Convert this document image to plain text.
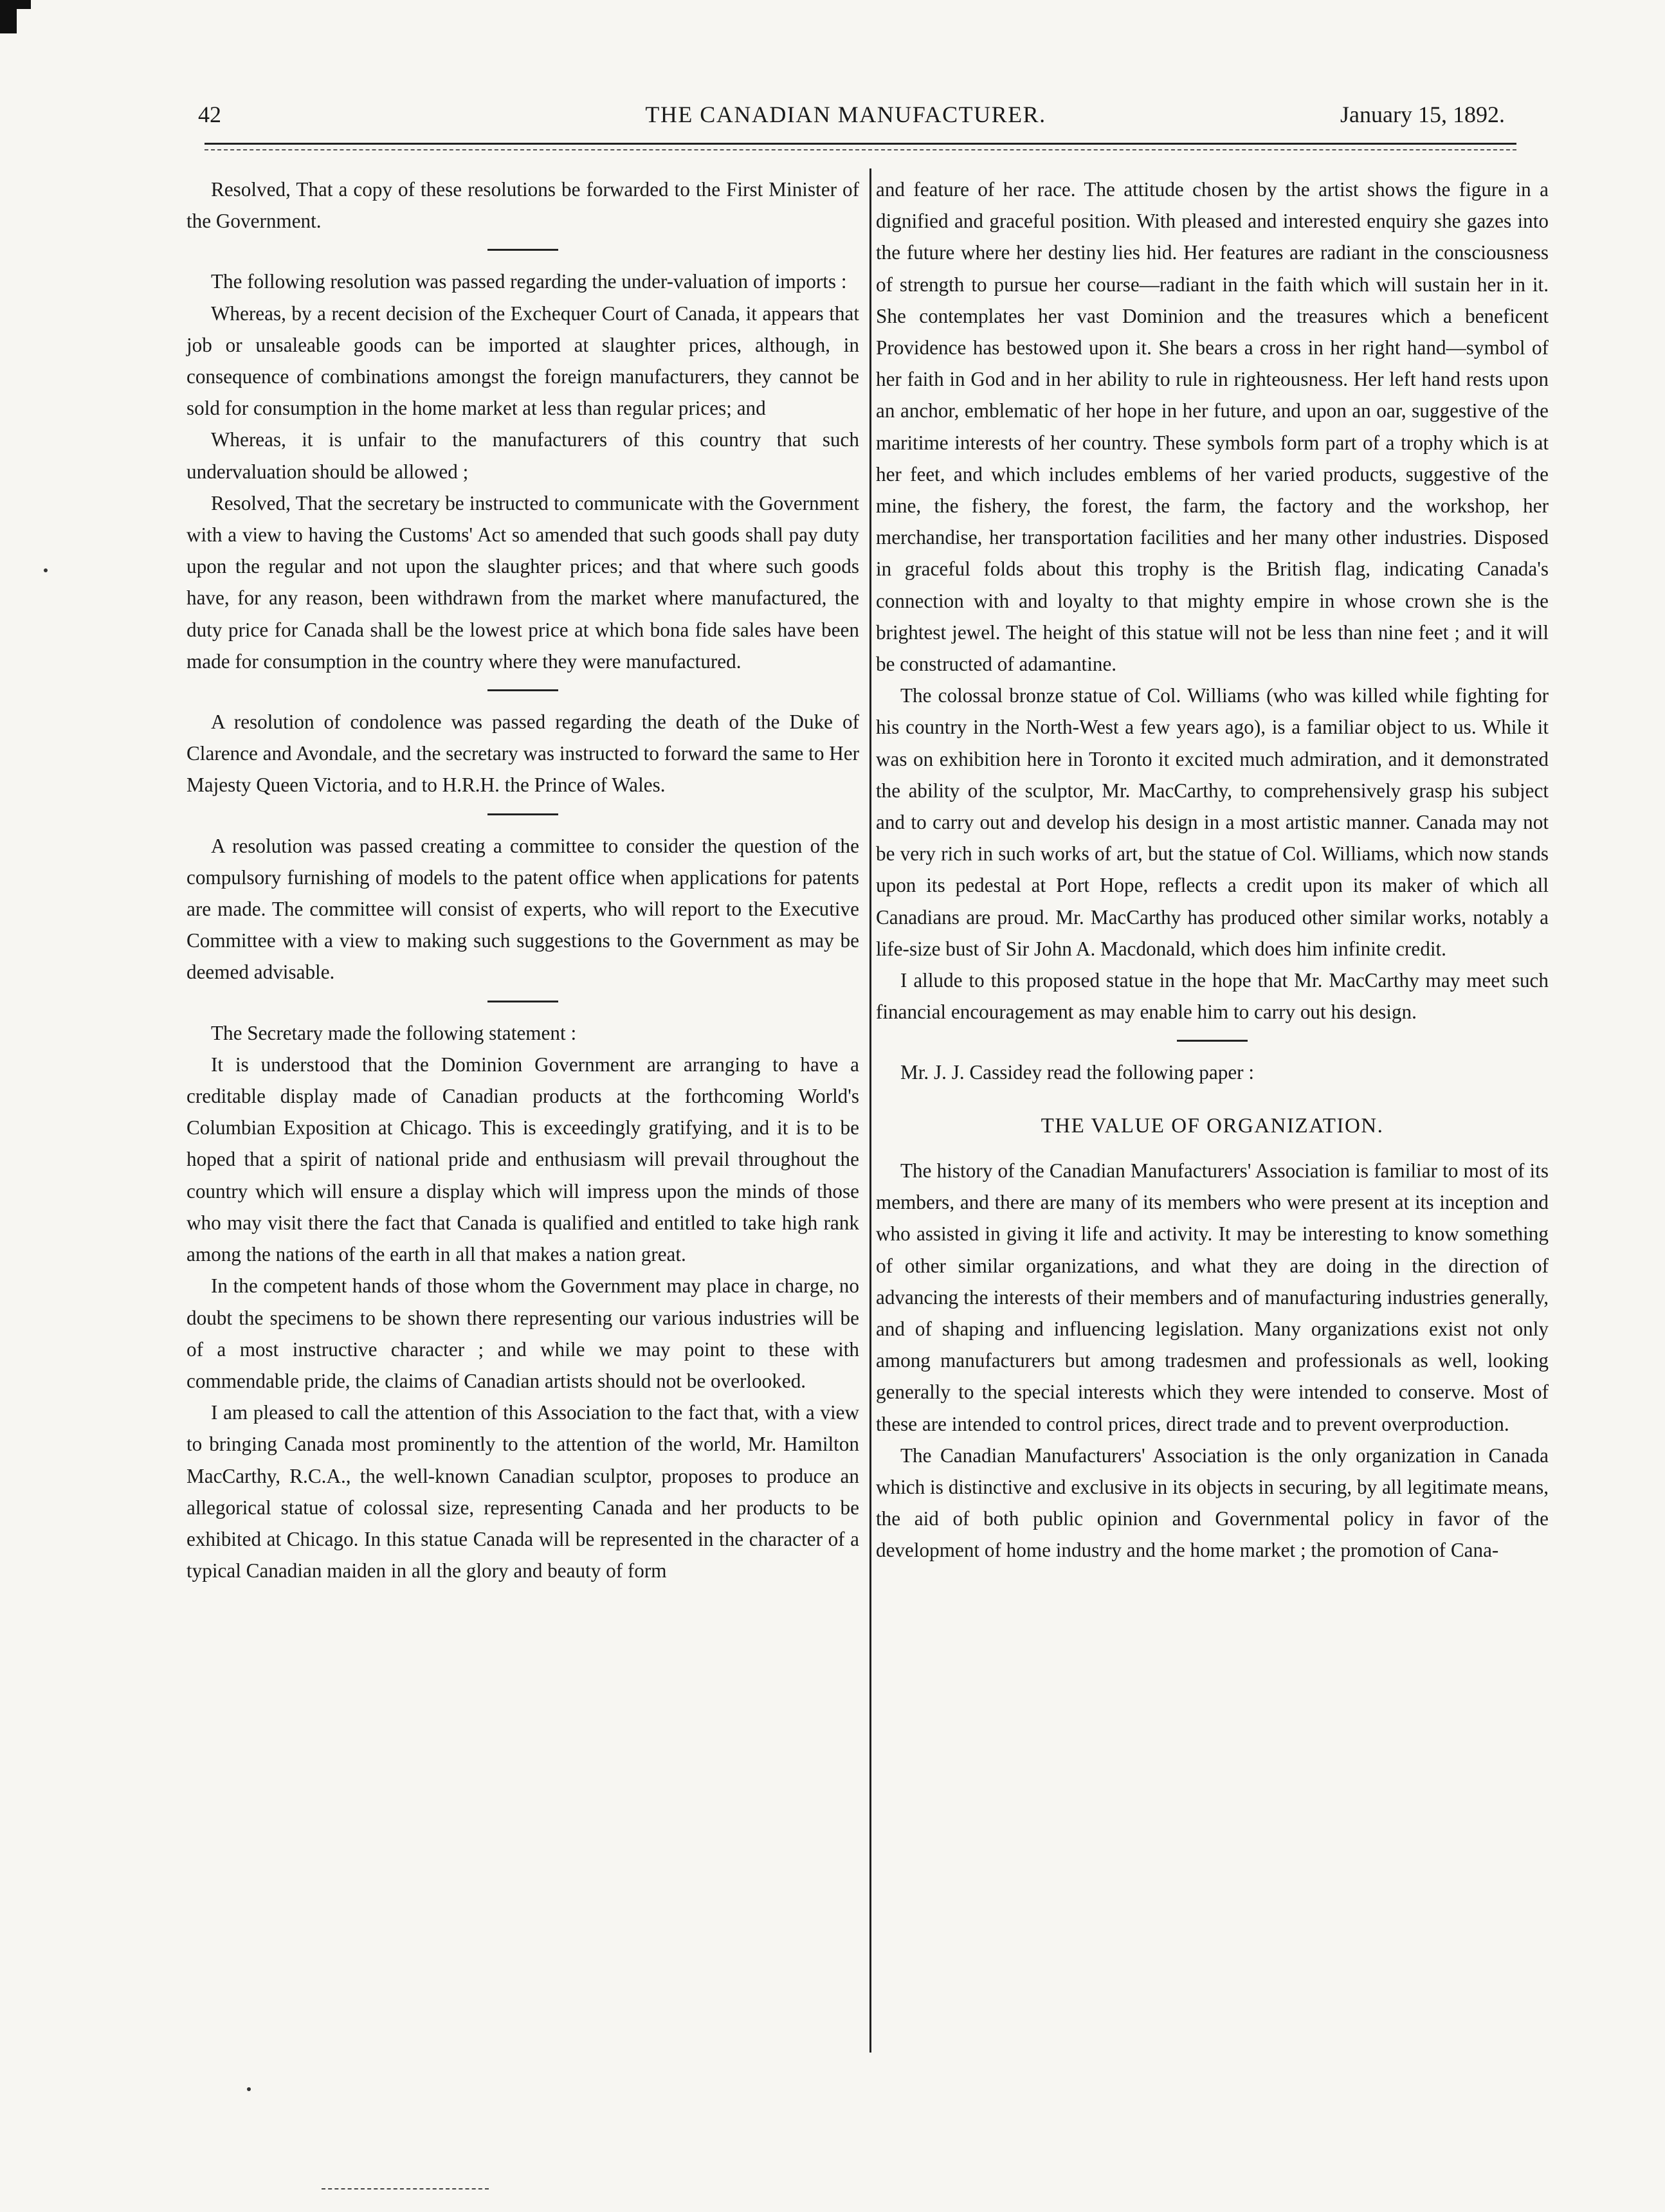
42	THE CANADIAN MANUFACTURER.	January 15, 1892.

Resolved, That a copy of these resolutions be forwarded to the First Minister of the Government.

The following resolution was passed regarding the under-valuation of imports :

Whereas, by a recent decision of the Exchequer Court of Canada, it appears that job or unsaleable goods can be imported at slaughter prices, although, in consequence of combinations amongst the foreign manufacturers, they cannot be sold for consumption in the home market at less than regular prices; and

Whereas, it is unfair to the manufacturers of this country that such undervaluation should be allowed ;

Resolved, That the secretary be instructed to communicate with the Government with a view to having the Customs' Act so amended that such goods shall pay duty upon the regular and not upon the slaughter prices; and that where such goods have, for any reason, been withdrawn from the market where manufactured, the duty price for Canada shall be the lowest price at which bona fide sales have been made for consumption in the country where they were manufactured.

A resolution of condolence was passed regarding the death of the Duke of Clarence and Avondale, and the secretary was instructed to forward the same to Her Majesty Queen Victoria, and to H.R.H. the Prince of Wales.

A resolution was passed creating a committee to consider the question of the compulsory furnishing of models to the patent office when applications for patents are made. The committee will consist of experts, who will report to the Executive Committee with a view to making such suggestions to the Government as may be deemed advisable.

The Secretary made the following statement :

It is understood that the Dominion Government are arranging to have a creditable display made of Canadian products at the forthcoming World's Columbian Exposition at Chicago. This is exceedingly gratifying, and it is to be hoped that a spirit of national pride and enthusiasm will prevail throughout the country which will ensure a display which will impress upon the minds of those who may visit there the fact that Canada is qualified and entitled to take high rank among the nations of the earth in all that makes a nation great.

In the competent hands of those whom the Government may place in charge, no doubt the specimens to be shown there representing our various industries will be of a most instructive character ; and while we may point to these with commendable pride, the claims of Canadian artists should not be overlooked.

I am pleased to call the attention of this Association to the fact that, with a view to bringing Canada most prominently to the attention of the world, Mr. Hamilton MacCarthy, R.C.A., the well-known Canadian sculptor, proposes to produce an allegorical statue of colossal size, representing Canada and her products to be exhibited at Chicago. In this statue Canada will be represented in the character of a typical Canadian maiden in all the glory and beauty of form

and feature of her race. The attitude chosen by the artist shows the figure in a dignified and graceful position. With pleased and interested enquiry she gazes into the future where her destiny lies hid. Her features are radiant in the consciousness of strength to pursue her course—radiant in the faith which will sustain her in it. She contemplates her vast Dominion and the treasures which a beneficent Providence has bestowed upon it. She bears a cross in her right hand—symbol of her faith in God and in her ability to rule in righteousness. Her left hand rests upon an anchor, emblematic of her hope in her future, and upon an oar, suggestive of the maritime interests of her country. These symbols form part of a trophy which is at her feet, and which includes emblems of her varied products, suggestive of the mine, the fishery, the forest, the farm, the factory and the workshop, her merchandise, her transportation facilities and her many other industries. Disposed in graceful folds about this trophy is the British flag, indicating Canada's connection with and loyalty to that mighty empire in whose crown she is the brightest jewel. The height of this statue will not be less than nine feet ; and it will be constructed of adamantine.

The colossal bronze statue of Col. Williams (who was killed while fighting for his country in the North-West a few years ago), is a familiar object to us. While it was on exhibition here in Toronto it excited much admiration, and it demonstrated the ability of the sculptor, Mr. MacCarthy, to comprehensively grasp his subject and to carry out and develop his design in a most artistic manner. Canada may not be very rich in such works of art, but the statue of Col. Williams, which now stands upon its pedestal at Port Hope, reflects a credit upon its maker of which all Canadians are proud. Mr. MacCarthy has produced other similar works, notably a life-size bust of Sir John A. Macdonald, which does him infinite credit.

I allude to this proposed statue in the hope that Mr. MacCarthy may meet such financial encouragement as may enable him to carry out his design.

Mr. J. J. Cassidey read the following paper :

THE VALUE OF ORGANIZATION.

The history of the Canadian Manufacturers' Association is familiar to most of its members, and there are many of its members who were present at its inception and who assisted in giving it life and activity. It may be interesting to know something of other similar organizations, and what they are doing in the direction of advancing the interests of their members and of manufacturing industries generally, and of shaping and influencing legislation. Many organizations exist not only among manufacturers but among tradesmen and professionals as well, looking generally to the special interests which they were intended to conserve. Most of these are intended to control prices, direct trade and to prevent overproduction.

The Canadian Manufacturers' Association is the only organization in Canada which is distinctive and exclusive in its objects in securing, by all legitimate means, the aid of both public opinion and Governmental policy in favor of the development of home industry and the home market ; the promotion of Cana-
